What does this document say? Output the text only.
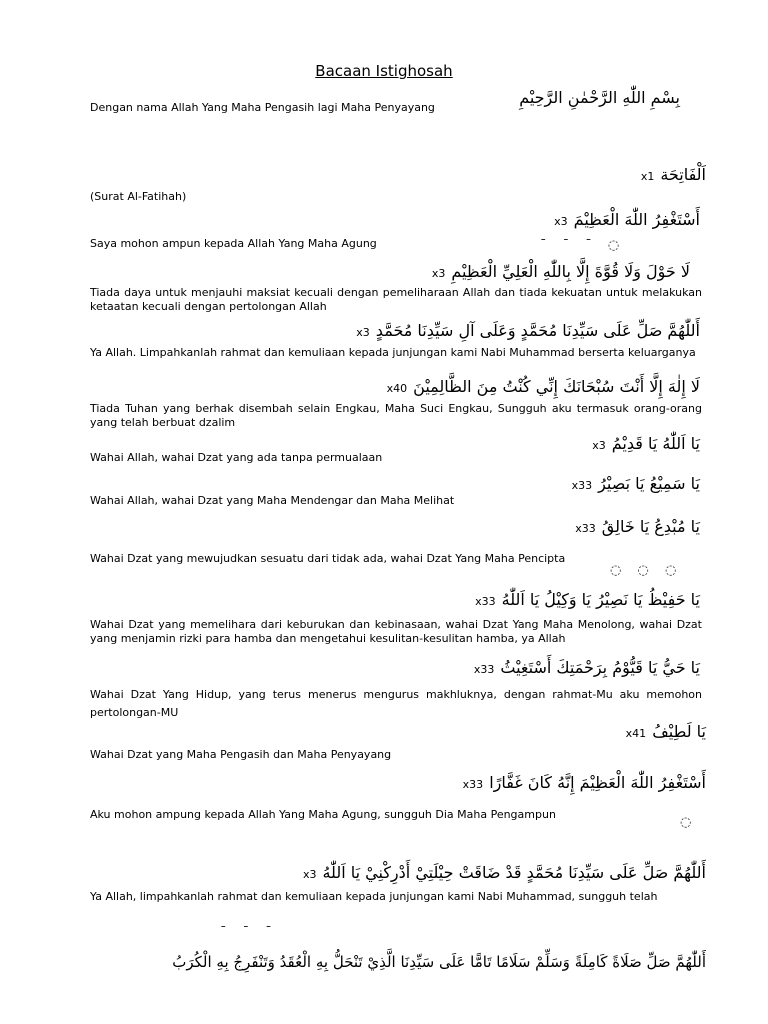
Bacaan Istighosah
بِسْمِ اللّٰهِ الرَّحْمٰنِ الرَّحِيْمِ
Dengan nama Allah Yang Maha Pengasih lagi Maha Penyayang
اَلْفَاتِحَةx1
(Surat Al-Fatihah)
أَسْتَغْفِرُ اللّٰهَ الْعَظِيْمَx3
Saya mohon ampun kepada Allah Yang Maha Agung
لَا حَوْلَ وَلَا قُوَّةَ إِلَّا بِاللّٰهِ الْعَلِيِّ الْعَظِيْمِx3
Tiada daya untuk menjauhi maksiat kecuali dengan pemeliharaan Allah dan tiada kekuatan untuk melakukan ketaatan kecuali dengan pertolongan Allah
أَللّٰهُمَّ صَلِّ عَلَى سَيِّدِنَا مُحَمَّدٍ وَعَلَى آلِ سَيِّدِنَا مُحَمَّدٍx3
Ya Allah. Limpahkanlah rahmat dan kemuliaan kepada junjungan kami Nabi Muhammad berserta keluarganya
لَا إِلٰهَ إِلَّا أَنْتَ سُبْحَانَكَ إِنِّي كُنْتُ مِنَ الظَّالِمِيْنَx40
Tiada Tuhan yang berhak disembah selain Engkau, Maha Suci Engkau, Sungguh aku termasuk orang-orang yang telah berbuat dzalim
يَا اَللّٰهُ يَا قَدِيْمُx3
Wahai Allah, wahai Dzat yang ada tanpa permualaan
يَا سَمِيْعُ يَا بَصِيْرُx33
Wahai Allah, wahai Dzat yang Maha Mendengar dan Maha Melihat
يَا مُبْدِعُ يَا خَالِقُx33
Wahai Dzat yang mewujudkan sesuatu dari tidak ada, wahai Dzat Yang Maha Pencipta
يَا حَفِيْظُ يَا نَصِيْرُ يَا وَكِيْلُ يَا اَللّٰهُx33
Wahai Dzat yang memelihara dari keburukan dan kebinasaan, wahai Dzat Yang Maha Menolong, wahai Dzat yang menjamin rizki para hamba dan mengetahui kesulitan-kesulitan hamba, ya Allah
يَا حَيُّ يَا قَيُّوْمُ بِرَحْمَتِكَ أَسْتَغِيْثُx33
Wahai Dzat Yang Hidup, yang terus menerus mengurus makhluknya, dengan rahmat-Mu aku memohon pertolongan-MU
يَا لَطِيْفُx41
Wahai Dzat yang Maha Pengasih dan Maha Penyayang
أَسْتَغْفِرُ اللّٰهَ الْعَظِيْمَ إِنَّهُ كَانَ غَفَّارًاx33
Aku mohon ampung kepada Allah Yang Maha Agung, sungguh Dia Maha Pengampun
أَللّٰهُمَّ صَلِّ عَلَى سَيِّدِنَا مُحَمَّدٍ قَدْ ضَاقَتْ حِيْلَتِيْ أَدْرِكْنِيْ يَا اَللّٰهُx3
Ya Allah, limpahkanlah rahmat dan kemuliaan kepada junjungan kami Nabi Muhammad, sungguh telah
أَللّٰهُمَّ صَلِّ صَلَاةً كَامِلَةً وَسَلِّمْ سَلَامًا تَامًّا عَلَى سَيِّدِنَا الَّذِيْ تَنْحَلُّ بِهِ الْعُقَدُ وَتَنْفَرِجُ بِهِ الْكُرَبُ
ˉ ˉ ˉ ◌
◌ ◌ ◌
◌
ˉ ˉ ˉ
